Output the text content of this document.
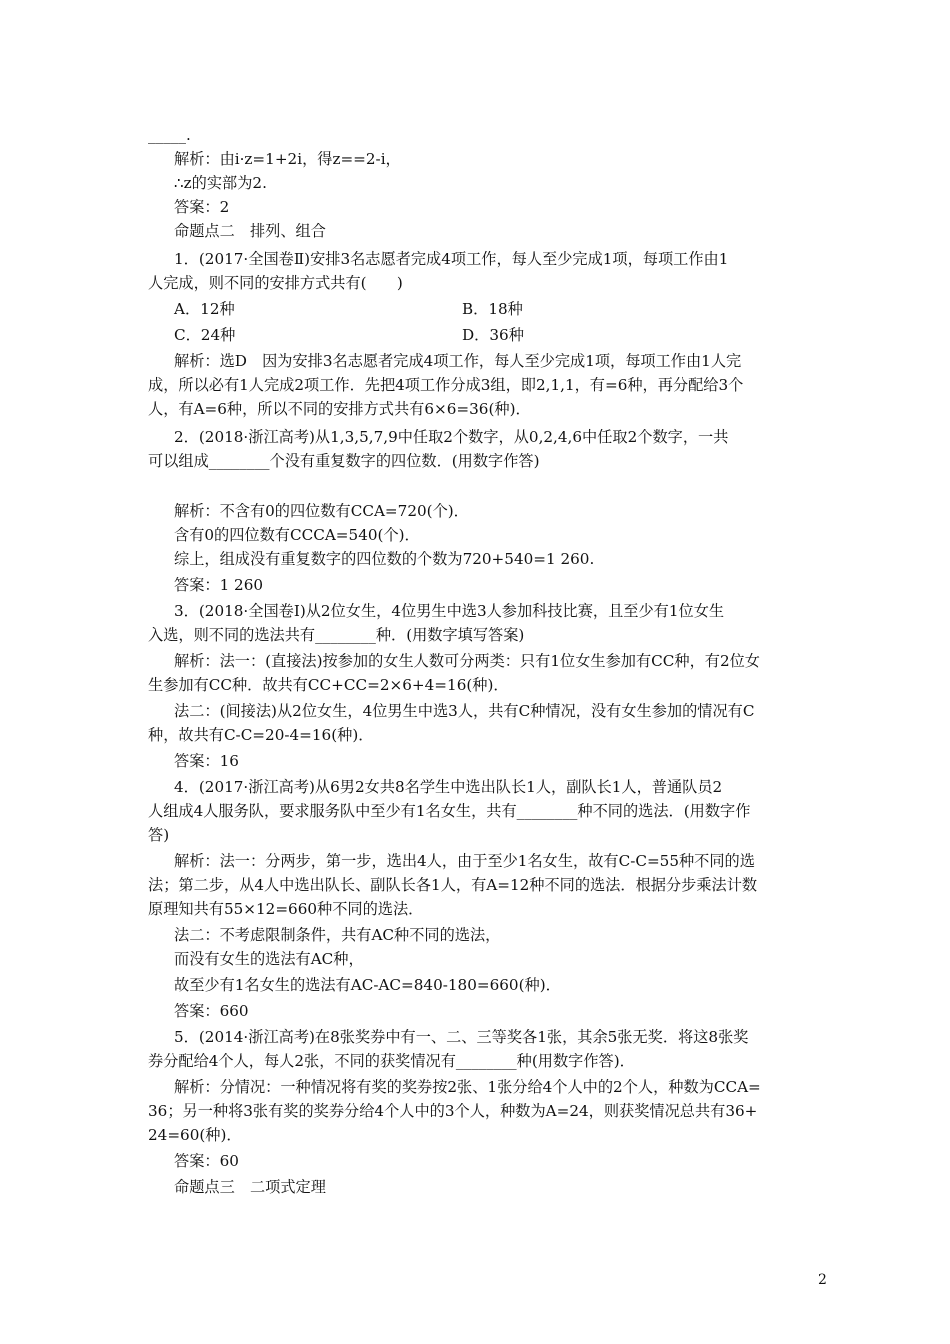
_____.
解析：由i·z=1+2i，得z==2-i，
∴z的实部为2.
答案：2
命题点二　排列、组合
1．(2017·全国卷Ⅱ)安排3名志愿者完成4项工作，每人至少完成1项，每项工作由1
人完成，则不同的安排方式共有(　　)
A．12种	B．18种
C．24种	D．36种
解析：选D　因为安排3名志愿者完成4项工作，每人至少完成1项，每项工作由1人完
成，所以必有1人完成2项工作．先把4项工作分成3组，即2,1,1，有=6种，再分配给3个
人，有A=6种，所以不同的安排方式共有6×6=36(种)．
2．(2018·浙江高考)从1,3,5,7,9中任取2个数字，从0,2,4,6中任取2个数字，一共
可以组成________个没有重复数字的四位数．(用数字作答)
解析：不含有0的四位数有CCA=720(个)．
含有0的四位数有CCCA=540(个)．
综上，组成没有重复数字的四位数的个数为720+540=1 260.
答案：1 260
3．(2018·全国卷Ⅰ)从2位女生，4位男生中选3人参加科技比赛，且至少有1位女生
入选，则不同的选法共有________种．(用数字填写答案)
解析：法一：(直接法)按参加的女生人数可分两类：只有1位女生参加有CC种，有2位女
生参加有CC种．故共有CC+CC=2×6+4=16(种)．
法二：(间接法)从2位女生，4位男生中选3人，共有C种情况，没有女生参加的情况有C
种，故共有C-C=20-4=16(种)．
答案：16
4．(2017·浙江高考)从6男2女共8名学生中选出队长1人，副队长1人，普通队员2
人组成4人服务队，要求服务队中至少有1名女生，共有________种不同的选法．(用数字作
答)
解析：法一：分两步，第一步，选出4人，由于至少1名女生，故有C-C=55种不同的选
法；第二步，从4人中选出队长、副队长各1人，有A=12种不同的选法．根据分步乘法计数
原理知共有55×12=660种不同的选法．
法二：不考虑限制条件，共有AC种不同的选法，
而没有女生的选法有AC种，
故至少有1名女生的选法有AC-AC=840-180=660(种)．
答案：660
5．(2014·浙江高考)在8张奖券中有一、二、三等奖各1张，其余5张无奖．将这8张奖
券分配给4个人，每人2张，不同的获奖情况有________种(用数字作答)．
解析：分情况：一种情况将有奖的奖券按2张、1张分给4个人中的2个人，种数为CCA=
36；另一种将3张有奖的奖券分给4个人中的3个人，种数为A=24，则获奖情况总共有36+
24=60(种)．
答案：60
命题点三　二项式定理
2
